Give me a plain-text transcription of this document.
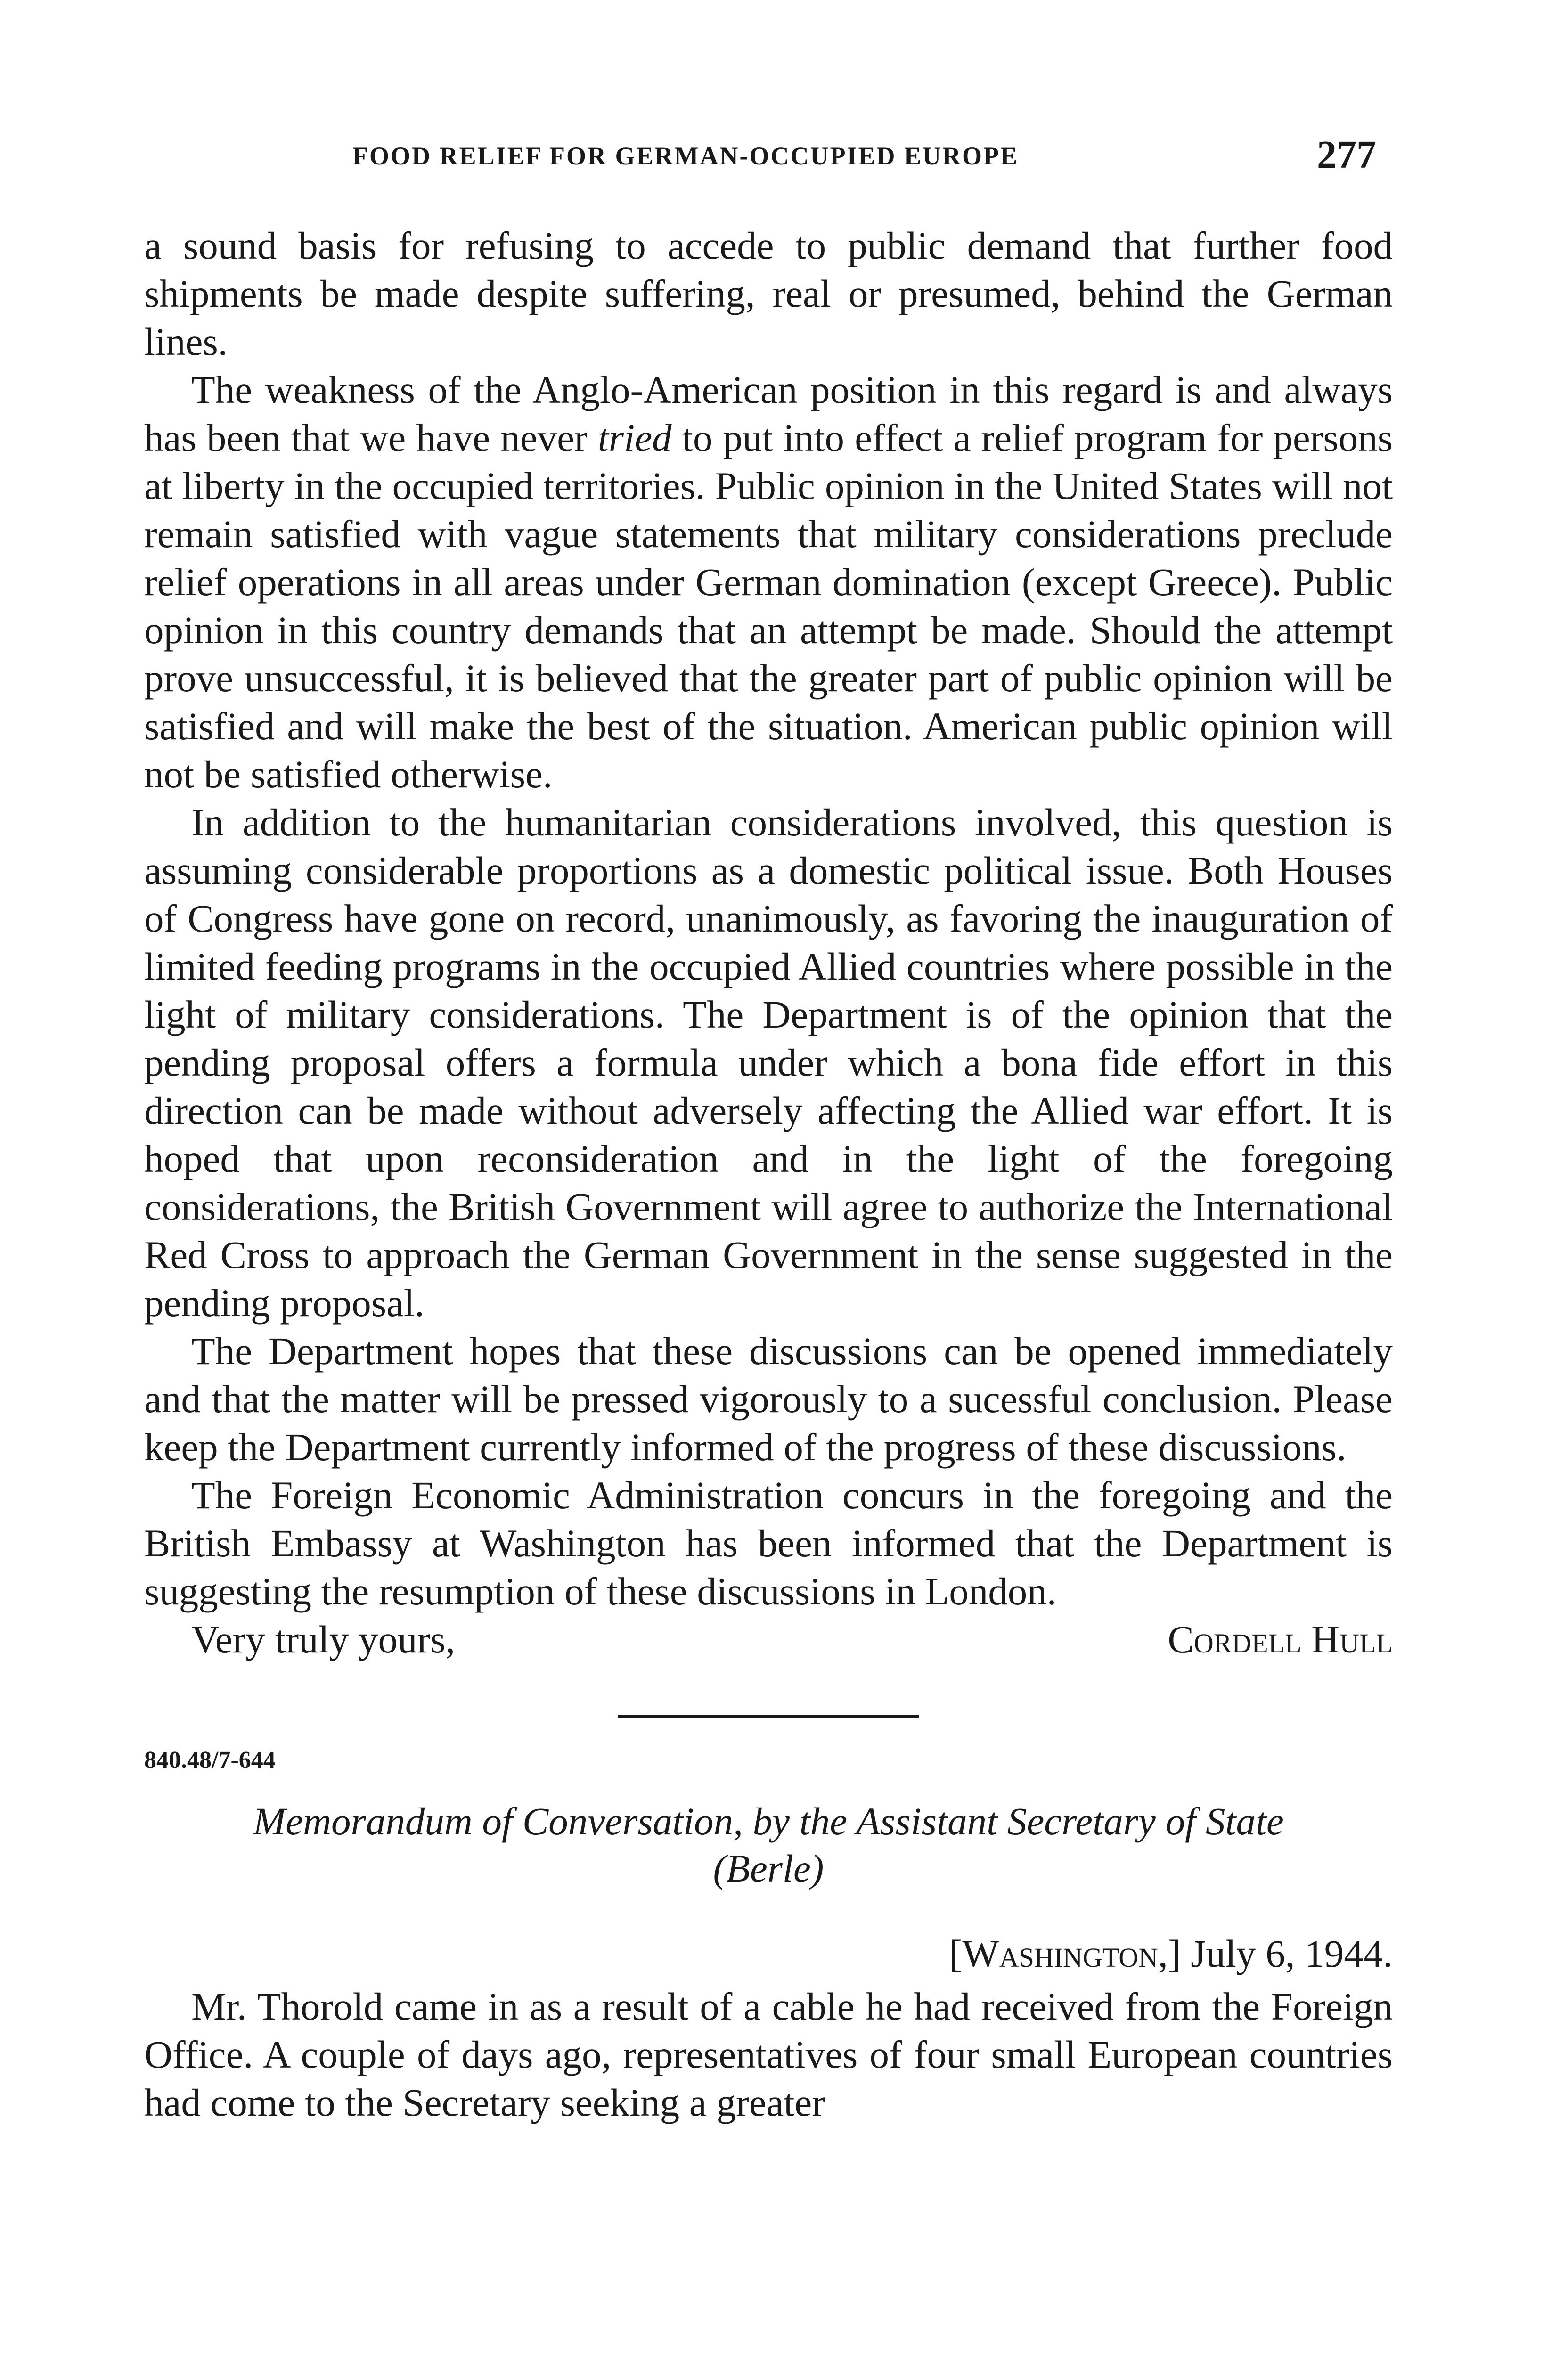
FOOD RELIEF FOR GERMAN-OCCUPIED EUROPE	277

a sound basis for refusing to accede to public demand that further food shipments be made despite suffering, real or presumed, behind the German lines.

The weakness of the Anglo-American position in this regard is and always has been that we have never tried to put into effect a relief program for persons at liberty in the occupied territories. Public opinion in the United States will not remain satisfied with vague statements that military considerations preclude relief operations in all areas under German domination (except Greece). Public opinion in this country demands that an attempt be made. Should the attempt prove unsuccessful, it is believed that the greater part of public opinion will be satisfied and will make the best of the situation. American public opinion will not be satisfied otherwise.

In addition to the humanitarian considerations involved, this question is assuming considerable proportions as a domestic political issue. Both Houses of Congress have gone on record, unanimously, as favoring the inauguration of limited feeding programs in the occupied Allied countries where possible in the light of military considerations. The Department is of the opinion that the pending proposal offers a formula under which a bona fide effort in this direction can be made without adversely affecting the Allied war effort. It is hoped that upon reconsideration and in the light of the foregoing considerations, the British Government will agree to authorize the International Red Cross to approach the German Government in the sense suggested in the pending proposal.

The Department hopes that these discussions can be opened immediately and that the matter will be pressed vigorously to a sucessful conclusion. Please keep the Department currently informed of the progress of these discussions.

The Foreign Economic Administration concurs in the foregoing and the British Embassy at Washington has been informed that the Department is suggesting the resumption of these discussions in London.

Very truly yours,	Cordell Hull

840.48/7-644

Memorandum of Conversation, by the Assistant Secretary of State

(Berle)

[Washington,] July 6, 1944.

Mr. Thorold came in as a result of a cable he had received from the Foreign Office. A couple of days ago, representatives of four small European countries had come to the Secretary seeking a greater
